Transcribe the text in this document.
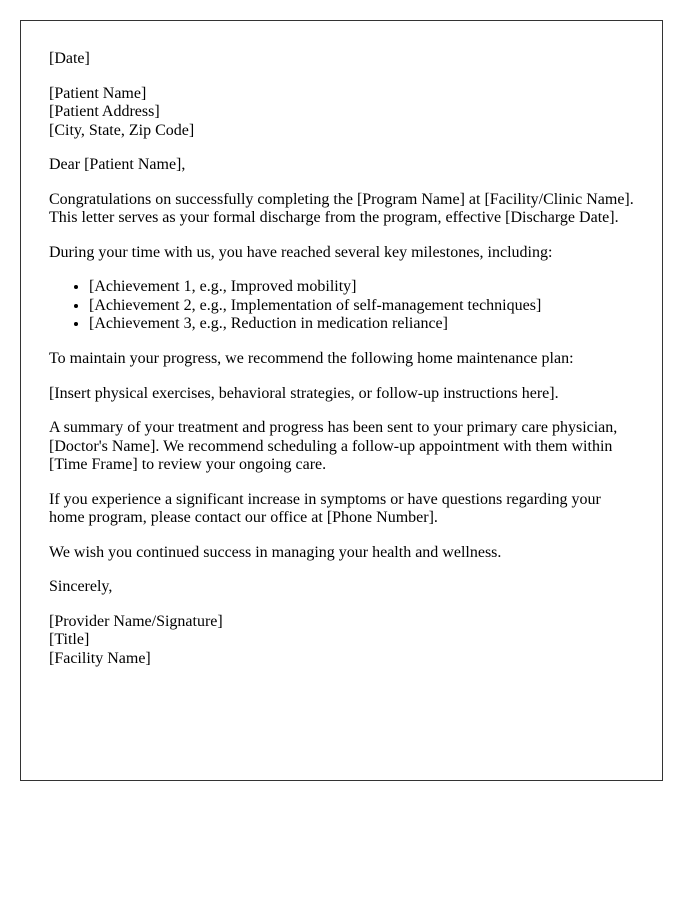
[Date]

[Patient Name]
[Patient Address]
[City, State, Zip Code]

Dear [Patient Name],

Congratulations on successfully completing the [Program Name] at [Facility/Clinic Name]. This letter serves as your formal discharge from the program, effective [Discharge Date].

During your time with us, you have reached several key milestones, including:

• [Achievement 1, e.g., Improved mobility]
• [Achievement 2, e.g., Implementation of self-management techniques]
• [Achievement 3, e.g., Reduction in medication reliance]

To maintain your progress, we recommend the following home maintenance plan:

[Insert physical exercises, behavioral strategies, or follow-up instructions here].

A summary of your treatment and progress has been sent to your primary care physician, [Doctor's Name]. We recommend scheduling a follow-up appointment with them within [Time Frame] to review your ongoing care.

If you experience a significant increase in symptoms or have questions regarding your home program, please contact our office at [Phone Number].

We wish you continued success in managing your health and wellness.

Sincerely,

[Provider Name/Signature]
[Title]
[Facility Name]
